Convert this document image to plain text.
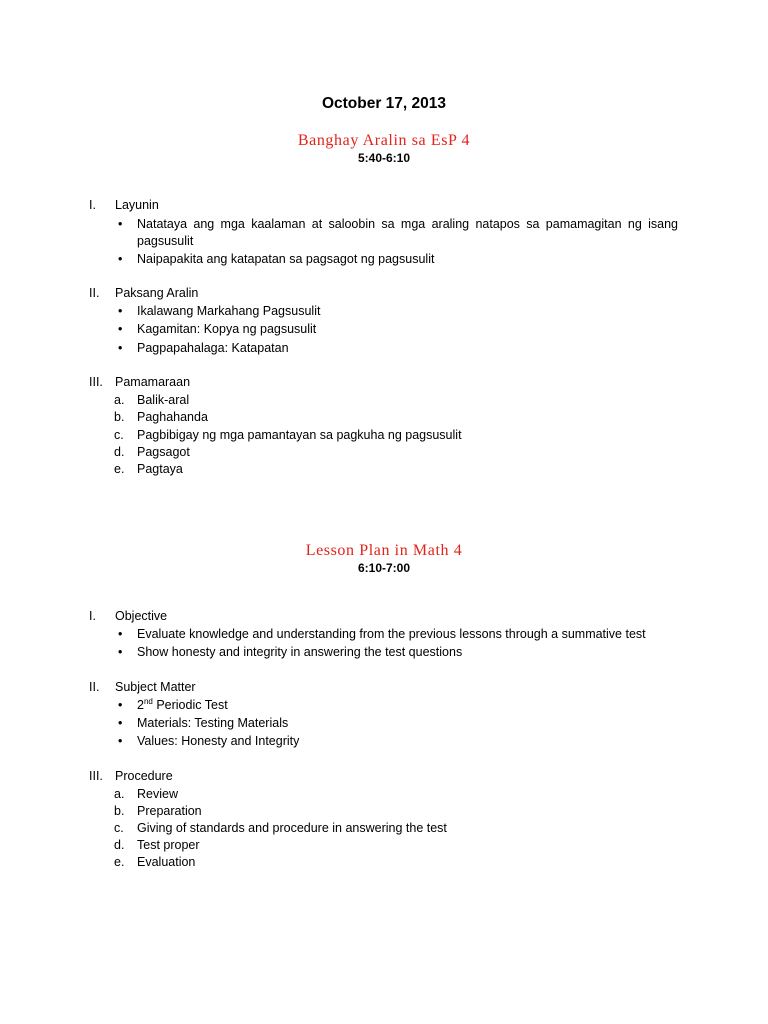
October 17, 2013
Banghay Aralin sa EsP 4
5:40-6:10
I. Layunin
• Natataya ang mga kaalaman at saloobin sa mga araling natapos sa pamamagitan ng isang pagsusulit
• Naipapakita ang katapatan sa pagsagot ng pagsusulit
II. Paksang Aralin
• Ikalawang Markahang Pagsusulit
• Kagamitan: Kopya ng pagsusulit
• Pagpapahalaga: Katapatan
III. Pamamaraan
a. Balik-aral
b. Paghahanda
c. Pagbibigay ng mga pamantayan sa pagkuha ng pagsusulit
d. Pagsagot
e. Pagtaya
Lesson Plan in Math 4
6:10-7:00
I. Objective
• Evaluate knowledge and understanding from the previous lessons through a summative test
• Show honesty and integrity in answering the test questions
II. Subject Matter
• 2nd Periodic Test
• Materials: Testing Materials
• Values: Honesty and Integrity
III. Procedure
a. Review
b. Preparation
c. Giving of standards and procedure in answering the test
d. Test proper
e. Evaluation
